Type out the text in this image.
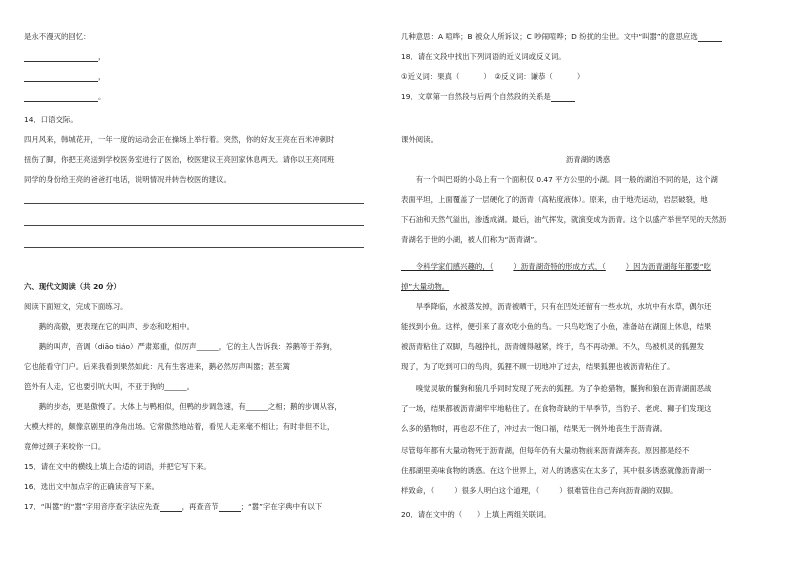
是永不漫灭的回忆：
，
，
。
14．口语交际。
四月风来，韩城花开，一年一度的运动会正在操场上举行着。突然，你的好友王亮在百米冲刺时
扭伤了脚，你把王亮送到学校医务室进行了医治，校医建议王亮回家休息两天。请你以王亮同班
同学的身份给王亮的爸爸打电话，说明情况并转告校医的建议。
六、现代文阅读（共 20 分）
阅读下面短文，完成下面练习。
　　鹅的高傲，更表现在它的叫声、步态和吃相中。
　　鹅的叫声，音调（diāo tiáo）严肃郑重，似厉声______，它的主人告诉我：养鹅等于养狗，
它也能看守门户。后来我看到果然如此：凡有生客进来，鹅必然厉声叫嚣；甚至篱
笆外有人走，它也要引吭大叫，不亚于狗的______。
　　鹅的步态，更是傲慢了。大体上与鸭相似，但鸭的步调急速，有______之相；鹅的步调从容，
大模大样的，颇像京剧里的净角出场。它常傲然地站着，看见人走来毫不相让；有时非但不让，
竟伸过颈子来咬你一口。
15．请在文中的横线上填上合适的词语，并把它写下来。
16．选出文中加点字的正确读音写下来。
17．“叫嚣”的“嚣”字用音序查字法应先查	，再查音节	；“嚣”字在字典中有以下
几种意思：A 喧哗；B 被众人所诉议；C 吵闹喧哗；D 纷扰的尘世。文中“叫嚣”的意思应选
18．请在文段中找出下列词语的近义词或反义词。
①近义词：果真（	）　②反义词：谦恭（	）
19．文章第一自然段与后两个自然段的关系是
课外阅读。
沥青湖的诱惑
　　有一个叫巴哥的小岛上有一个面积仅 0.47 平方公里的小湖。同一般的湖泊不同的是，这个湖
表面平坦，上面覆盖了一层硬化了的沥青（高粘度液体）。原来，由于地壳运动，岩层破裂，地
下石油和天然气溢出，渗透成湖。最后，油气挥发，就演变成为沥青。这个以盛产举世罕见的天然沥
青湖名于世的小湖，被人们称为“沥青湖”。
　　令科学家们感兴趣的，（	）沥青湖奇特的形成方式，（	）因为沥青湖每年都要“吃
掉”大量动物。
　　旱季降临，水被蒸发掉，沥青被晒干，只有在凹处还留有一些水坑，水坑中有水草，偶尔还
能找到小鱼。这样，便引来了喜欢吃小鱼的鸟。一只鸟吃饱了小鱼，准备站在湖面上休息，结果
被沥青粘住了双脚，鸟越挣扎，沥青缠得越紧，终于，鸟不再动弹。不久，鸟被机灵的狐狸发
现了，为了吃到可口的鸟肉，狐狸不顾一切地冲了过去，结果狐狸也被沥青粘住了。
　　嗅觉灵敏的鬣狗和狼几乎同时发现了死去的狐狸。为了争抢猎物，鬣狗和狼在沥青湖面恶战
了一场，结果都被沥青湖牢牢地粘住了。在食物奇缺的干旱季节，当豹子、老虎、狮子们发现这
么多的猎物时，再也忍不住了，冲过去一饱口福，结果无一例外地丧生于沥青湖。
尽管每年都有大量动物死于沥青湖，但每年仍有大量动物前来沥青湖奔丧。原因都是经不
住那湖里美味食物的诱惑。在这个世界上，对人的诱惑实在太多了，其中很多诱惑就像沥青湖一
样致命，（	）很多人明白这个道理，（	）很难管住自己奔向沥青湖的双脚。
20．请在文中的（　　）上填上两组关联词。
